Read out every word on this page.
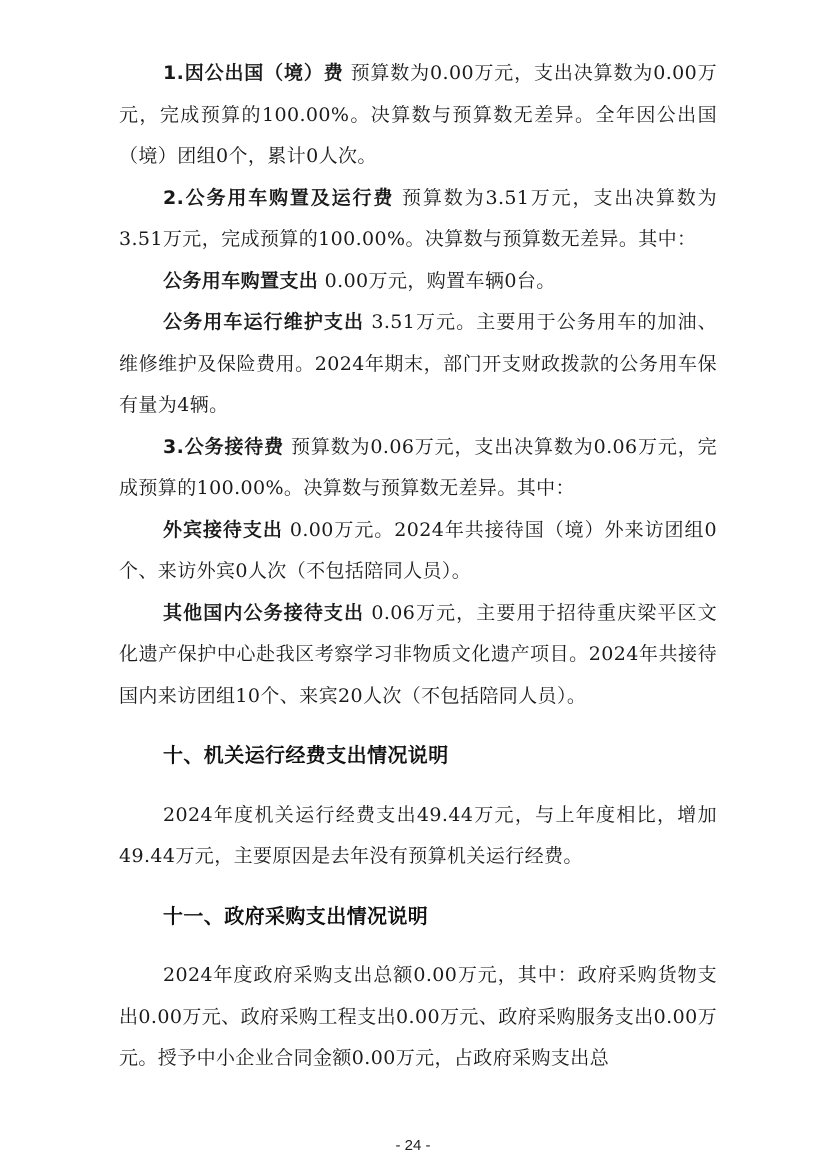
1.因公出国（境）费 预算数为0.00万元，支出决算数为0.00万元，完成预算的100.00%。决算数与预算数无差异。全年因公出国（境）团组0个，累计0人次。

2.公务用车购置及运行费 预算数为3.51万元，支出决算数为3.51万元，完成预算的100.00%。决算数与预算数无差异。其中：

公务用车购置支出 0.00万元，购置车辆0台。

公务用车运行维护支出 3.51万元。主要用于公务用车的加油、维修维护及保险费用。2024年期末，部门开支财政拨款的公务用车保有量为4辆。

3.公务接待费 预算数为0.06万元，支出决算数为0.06万元，完成预算的100.00%。决算数与预算数无差异。其中：

外宾接待支出 0.00万元。2024年共接待国（境）外来访团组0个、来访外宾0人次（不包括陪同人员）。

其他国内公务接待支出 0.06万元，主要用于招待重庆梁平区文化遗产保护中心赴我区考察学习非物质文化遗产项目。2024年共接待国内来访团组10个、来宾20人次（不包括陪同人员）。

十、机关运行经费支出情况说明

2024年度机关运行经费支出49.44万元，与上年度相比，增加49.44万元，主要原因是去年没有预算机关运行经费。

十一、政府采购支出情况说明

2024年度政府采购支出总额0.00万元，其中：政府采购货物支出0.00万元、政府采购工程支出0.00万元、政府采购服务支出0.00万元。授予中小企业合同金额0.00万元，占政府采购支出总

- 24 -
